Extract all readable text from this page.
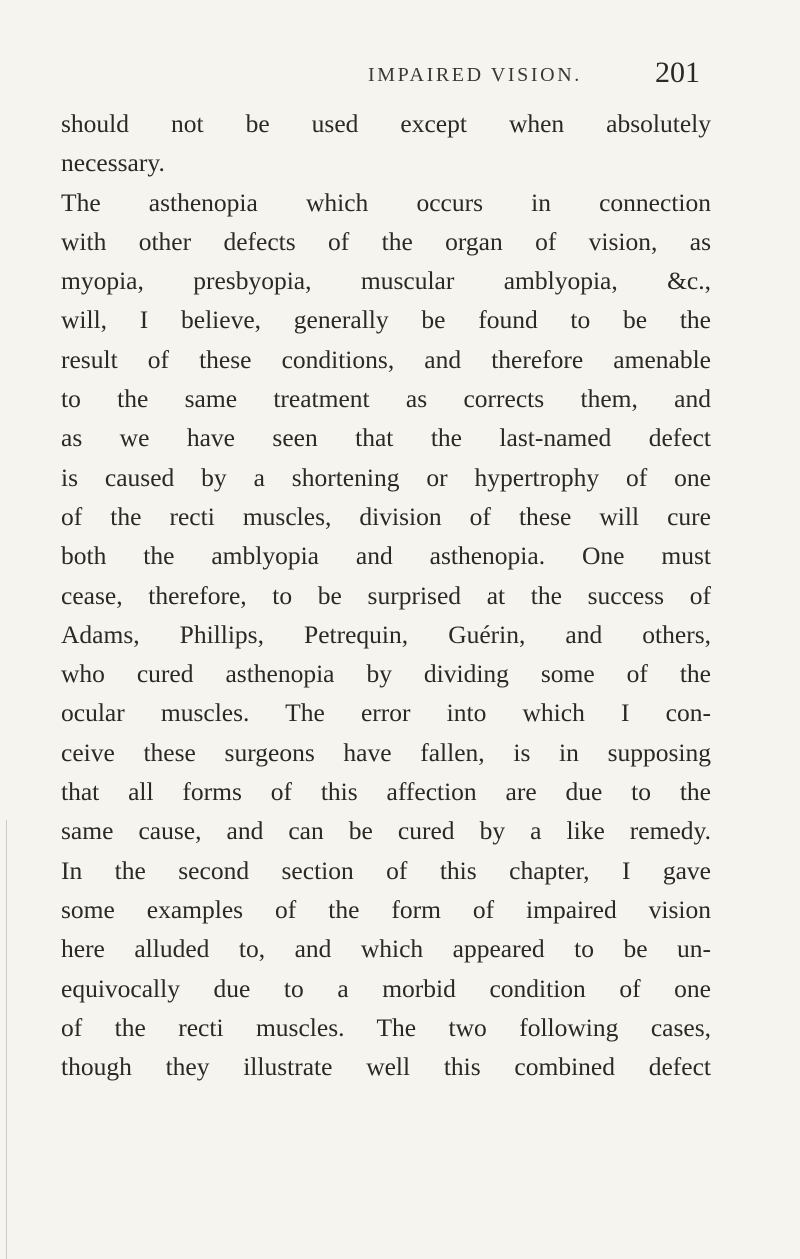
IMPAIRED VISION. 201
should not be used except when absolutely
necessary.
The asthenopia which occurs in connection
with other defects of the organ of vision, as
myopia, presbyopia, muscular amblyopia, &c.,
will, I believe, generally be found to be the
result of these conditions, and therefore amenable
to the same treatment as corrects them, and
as we have seen that the last-named defect
is caused by a shortening or hypertrophy of one
of the recti muscles, division of these will cure
both the amblyopia and asthenopia. One must
cease, therefore, to be surprised at the success of
Adams, Phillips, Petrequin, Guérin, and others,
who cured asthenopia by dividing some of the
ocular muscles. The error into which I con-
ceive these surgeons have fallen, is in supposing
that all forms of this affection are due to the
same cause, and can be cured by a like remedy.
In the second section of this chapter, I gave
some examples of the form of impaired vision
here alluded to, and which appeared to be un-
equivocally due to a morbid condition of one
of the recti muscles. The two following cases,
though they illustrate well this combined defect
